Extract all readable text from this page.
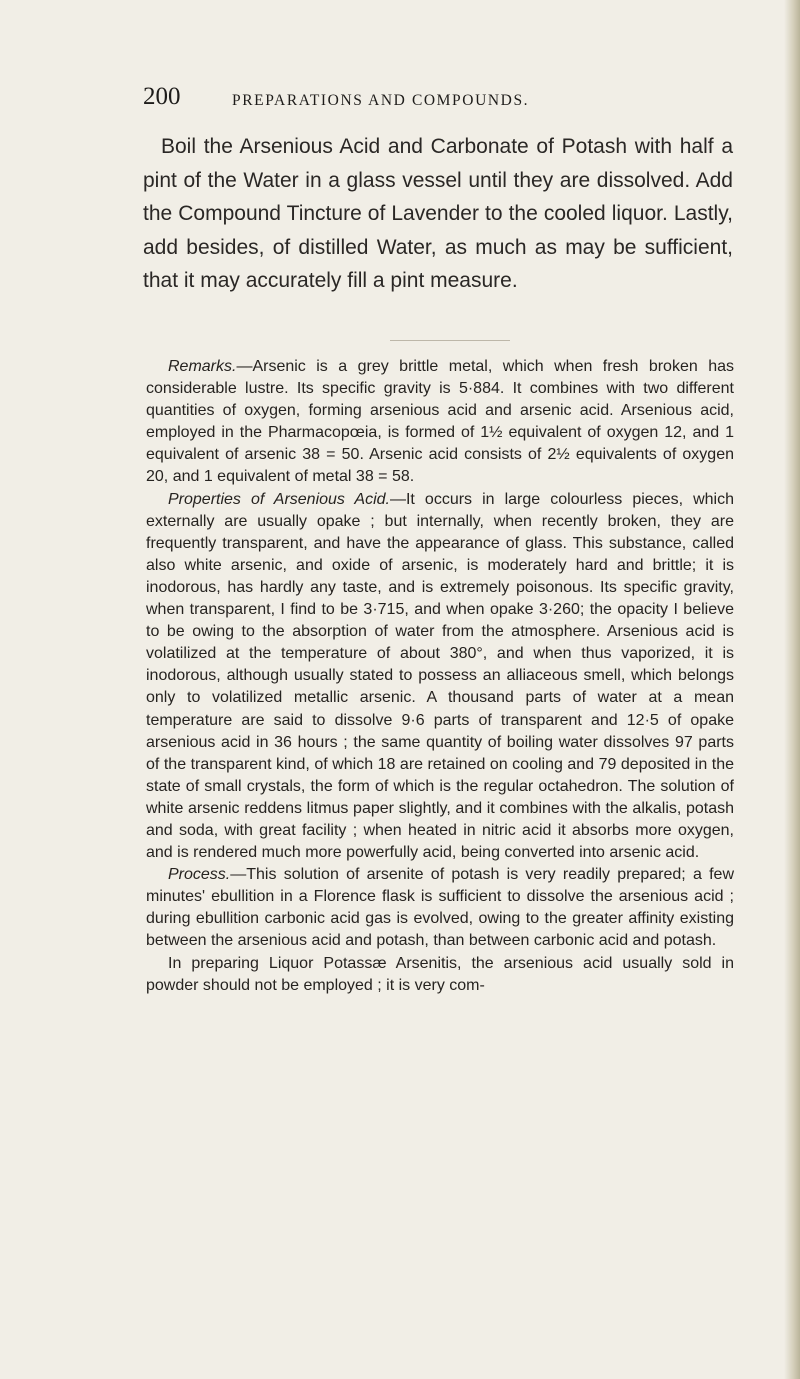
200	PREPARATIONS AND COMPOUNDS.

Boil the Arsenious Acid and Carbonate of Potash with half a pint of the Water in a glass vessel until they are dissolved. Add the Compound Tincture of Lavender to the cooled liquor. Lastly, add besides, of distilled Water, as much as may be sufficient, that it may accurately fill a pint measure.

Remarks.—Arsenic is a grey brittle metal, which when fresh broken has considerable lustre. Its specific gravity is 5·884. It combines with two different quantities of oxygen, forming arsenious acid and arsenic acid. Arsenious acid, employed in the Pharmacopœia, is formed of 1½ equivalent of oxygen 12, and 1 equivalent of arsenic 38 = 50. Arsenic acid consists of 2½ equivalents of oxygen 20, and 1 equivalent of metal 38 = 58.

Properties of Arsenious Acid.—It occurs in large colourless pieces, which externally are usually opake ; but internally, when recently broken, they are frequently transparent, and have the appearance of glass. This substance, called also white arsenic, and oxide of arsenic, is moderately hard and brittle; it is inodorous, has hardly any taste, and is extremely poisonous. Its specific gravity, when transparent, I find to be 3·715, and when opake 3·260; the opacity I believe to be owing to the absorption of water from the atmosphere. Arsenious acid is volatilized at the temperature of about 380°, and when thus vaporized, it is inodorous, although usually stated to possess an alliaceous smell, which belongs only to volatilized metallic arsenic. A thousand parts of water at a mean temperature are said to dissolve 9·6 parts of transparent and 12·5 of opake arsenious acid in 36 hours ; the same quantity of boiling water dissolves 97 parts of the transparent kind, of which 18 are retained on cooling and 79 deposited in the state of small crystals, the form of which is the regular octahedron. The solution of white arsenic reddens litmus paper slightly, and it combines with the alkalis, potash and soda, with great facility ; when heated in nitric acid it absorbs more oxygen, and is rendered much more powerfully acid, being converted into arsenic acid.

Process.—This solution of arsenite of potash is very readily prepared; a few minutes' ebullition in a Florence flask is sufficient to dissolve the arsenious acid ; during ebullition carbonic acid gas is evolved, owing to the greater affinity existing between the arsenious acid and potash, than between carbonic acid and potash.

In preparing Liquor Potassæ Arsenitis, the arsenious acid usually sold in powder should not be employed ; it is very com-
